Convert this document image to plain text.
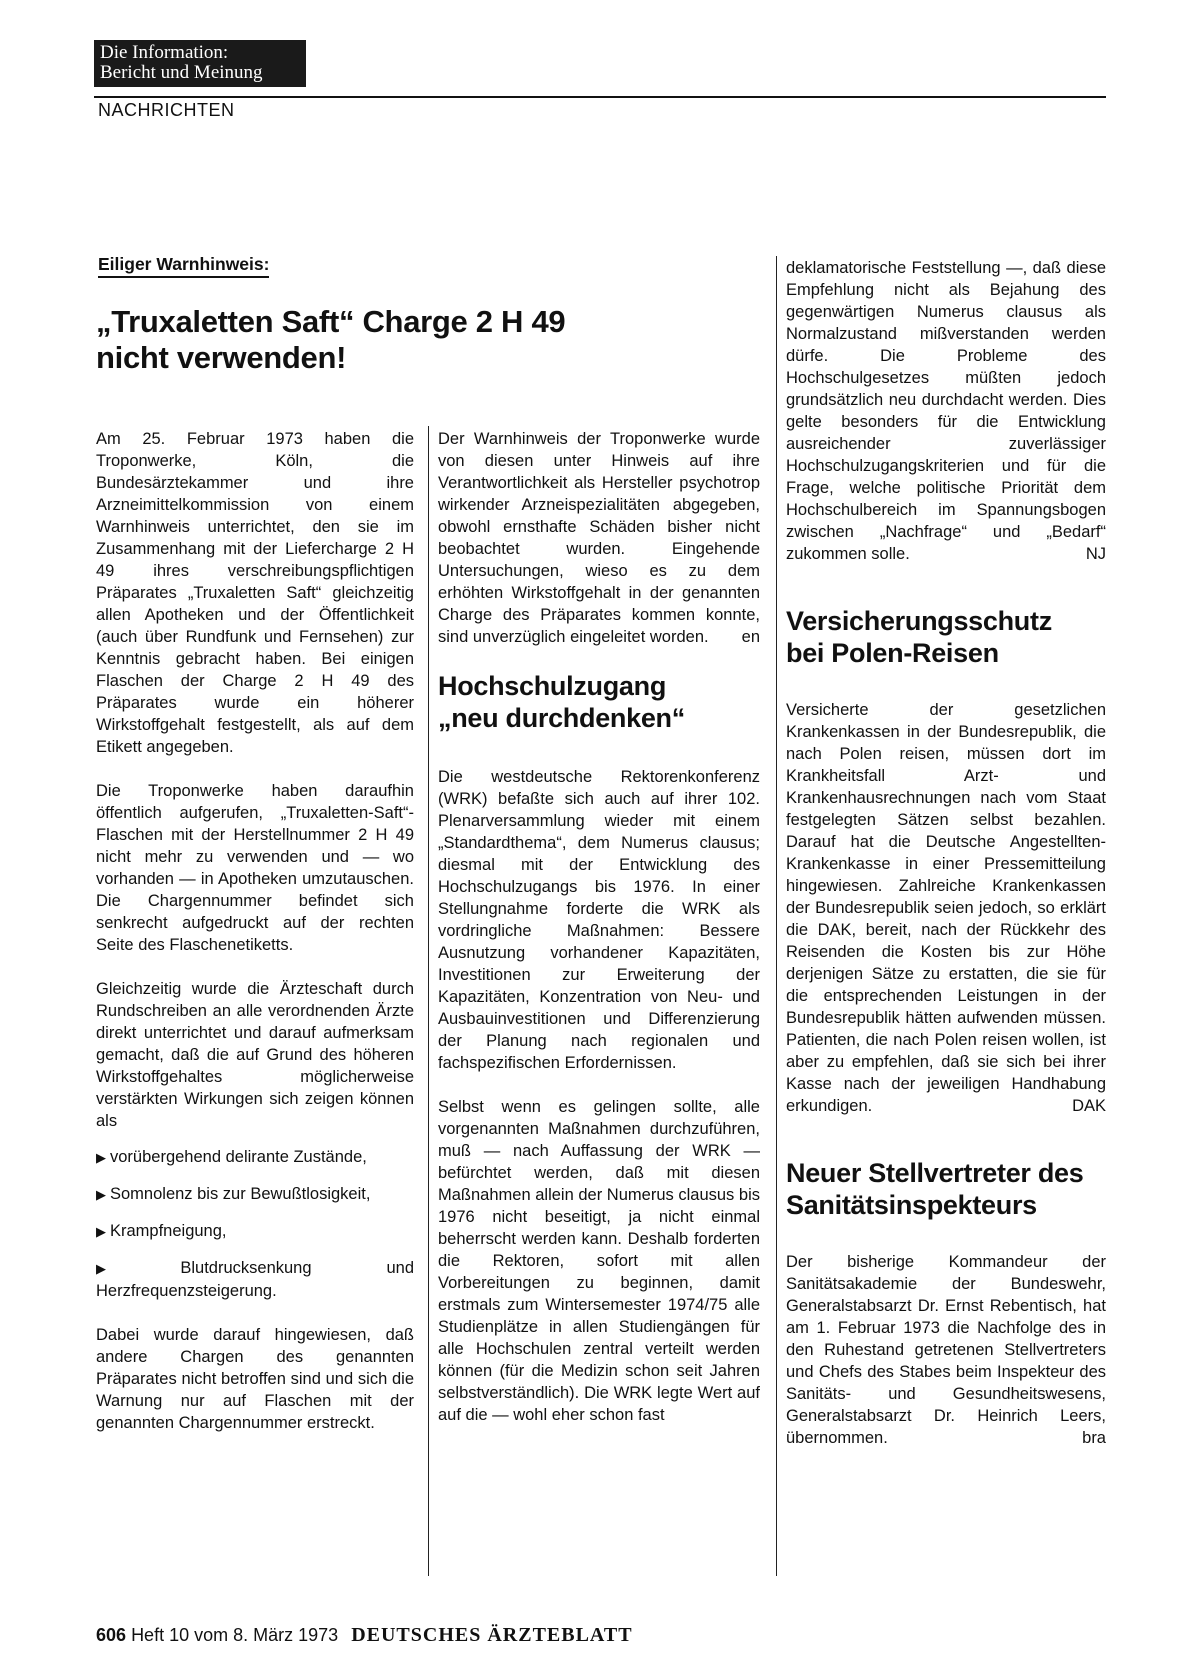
Die Information:
Bericht und Meinung
NACHRICHTEN
Eiliger Warnhinweis:
„Truxaletten Saft“ Charge 2 H 49
nicht verwenden!

Am 25. Februar 1973 haben die Troponwerke, Köln, die Bundesärztekammer und ihre Arzneimittelkommission von einem Warnhinweis unterrichtet, den sie im Zusammenhang mit der Liefercharge 2 H 49 ihres verschreibungspflichtigen Präparates „Truxaletten Saft“ gleichzeitig allen Apotheken und der Öffentlichkeit (auch über Rundfunk und Fernsehen) zur Kenntnis gebracht haben. Bei einigen Flaschen der Charge 2 H 49 des Präparates wurde ein höherer Wirkstoffgehalt festgestellt, als auf dem Etikett angegeben.

Die Troponwerke haben daraufhin öffentlich aufgerufen, „Truxaletten-Saft“-Flaschen mit der Herstellnummer 2 H 49 nicht mehr zu verwenden und — wo vorhanden — in Apotheken umzutauschen. Die Chargennummer befindet sich senkrecht aufgedruckt auf der rechten Seite des Flaschenetiketts.

Gleichzeitig wurde die Ärzteschaft durch Rundschreiben an alle verordnenden Ärzte direkt unterrichtet und darauf aufmerksam gemacht, daß die auf Grund des höheren Wirkstoffgehaltes möglicherweise verstärkten Wirkungen sich zeigen können als

▶ vorübergehend delirante Zustände,

▶ Somnolenz bis zur Bewußtlosigkeit,

▶ Krampfneigung,

▶ Blutdrucksenkung und Herzfrequenzsteigerung.

Dabei wurde darauf hingewiesen, daß andere Chargen des genannten Präparates nicht betroffen sind und sich die Warnung nur auf Flaschen mit der genannten Chargennummer erstreckt.

Der Warnhinweis der Troponwerke wurde von diesen unter Hinweis auf ihre Verantwortlichkeit als Hersteller psychotrop wirkender Arzneispezialitäten abgegeben, obwohl ernsthafte Schäden bisher nicht beobachtet wurden. Eingehende Untersuchungen, wieso es zu dem erhöhten Wirkstoffgehalt in der genannten Charge des Präparates kommen konnte, sind unverzüglich eingeleitet worden. en

Hochschulzugang
„neu durchdenken“

Die westdeutsche Rektorenkonferenz (WRK) befaßte sich auch auf ihrer 102. Plenarversammlung wieder mit einem „Standardthema“, dem Numerus clausus; diesmal mit der Entwicklung des Hochschulzugangs bis 1976. In einer Stellungnahme forderte die WRK als vordringliche Maßnahmen: Bessere Ausnutzung vorhandener Kapazitäten, Investitionen zur Erweiterung der Kapazitäten, Konzentration von Neu- und Ausbauinvestitionen und Differenzierung der Planung nach regionalen und fachspezifischen Erfordernissen.

Selbst wenn es gelingen sollte, alle vorgenannten Maßnahmen durchzuführen, muß — nach Auffassung der WRK — befürchtet werden, daß mit diesen Maßnahmen allein der Numerus clausus bis 1976 nicht beseitigt, ja nicht einmal beherrscht werden kann. Deshalb forderten die Rektoren, sofort mit allen Vorbereitungen zu beginnen, damit erstmals zum Wintersemester 1974/75 alle Studienplätze in allen Studiengängen für alle Hochschulen zentral verteilt werden können (für die Medizin schon seit Jahren selbstverständlich). Die WRK legte Wert auf auf die — wohl eher schon fast

deklamatorische Feststellung —, daß diese Empfehlung nicht als Bejahung des gegenwärtigen Numerus clausus als Normalzustand mißverstanden werden dürfe. Die Probleme des Hochschulgesetzes müßten jedoch grundsätzlich neu durchdacht werden. Dies gelte besonders für die Entwicklung ausreichender zuverlässiger Hochschulzugangskriterien und für die Frage, welche politische Priorität dem Hochschulbereich im Spannungsbogen zwischen „Nachfrage“ und „Bedarf“ zukommen solle.	NJ

Versicherungsschutz
bei Polen-Reisen

Versicherte der gesetzlichen Krankenkassen in der Bundesrepublik, die nach Polen reisen, müssen dort im Krankheitsfall Arzt- und Krankenhausrechnungen nach vom Staat festgelegten Sätzen selbst bezahlen. Darauf hat die Deutsche Angestellten-Krankenkasse in einer Pressemitteilung hingewiesen. Zahlreiche Krankenkassen der Bundesrepublik seien jedoch, so erklärt die DAK, bereit, nach der Rückkehr des Reisenden die Kosten bis zur Höhe derjenigen Sätze zu erstatten, die sie für die entsprechenden Leistungen in der Bundesrepublik hätten aufwenden müssen. Patienten, die nach Polen reisen wollen, ist aber zu empfehlen, daß sie sich bei ihrer Kasse nach der jeweiligen Handhabung erkundigen.	DAK

Neuer Stellvertreter des
Sanitätsinspekteurs

Der bisherige Kommandeur der Sanitätsakademie der Bundeswehr, Generalstabsarzt Dr. Ernst Rebentisch, hat am 1. Februar 1973 die Nachfolge des in den Ruhestand getretenen Stellvertreters und Chefs des Stabes beim Inspekteur des Sanitäts- und Gesundheitswesens, Generalstabsarzt Dr. Heinrich Leers, übernommen.	bra

606 Heft 10 vom 8. März 1973 DEUTSCHES ÄRZTEBLATT
